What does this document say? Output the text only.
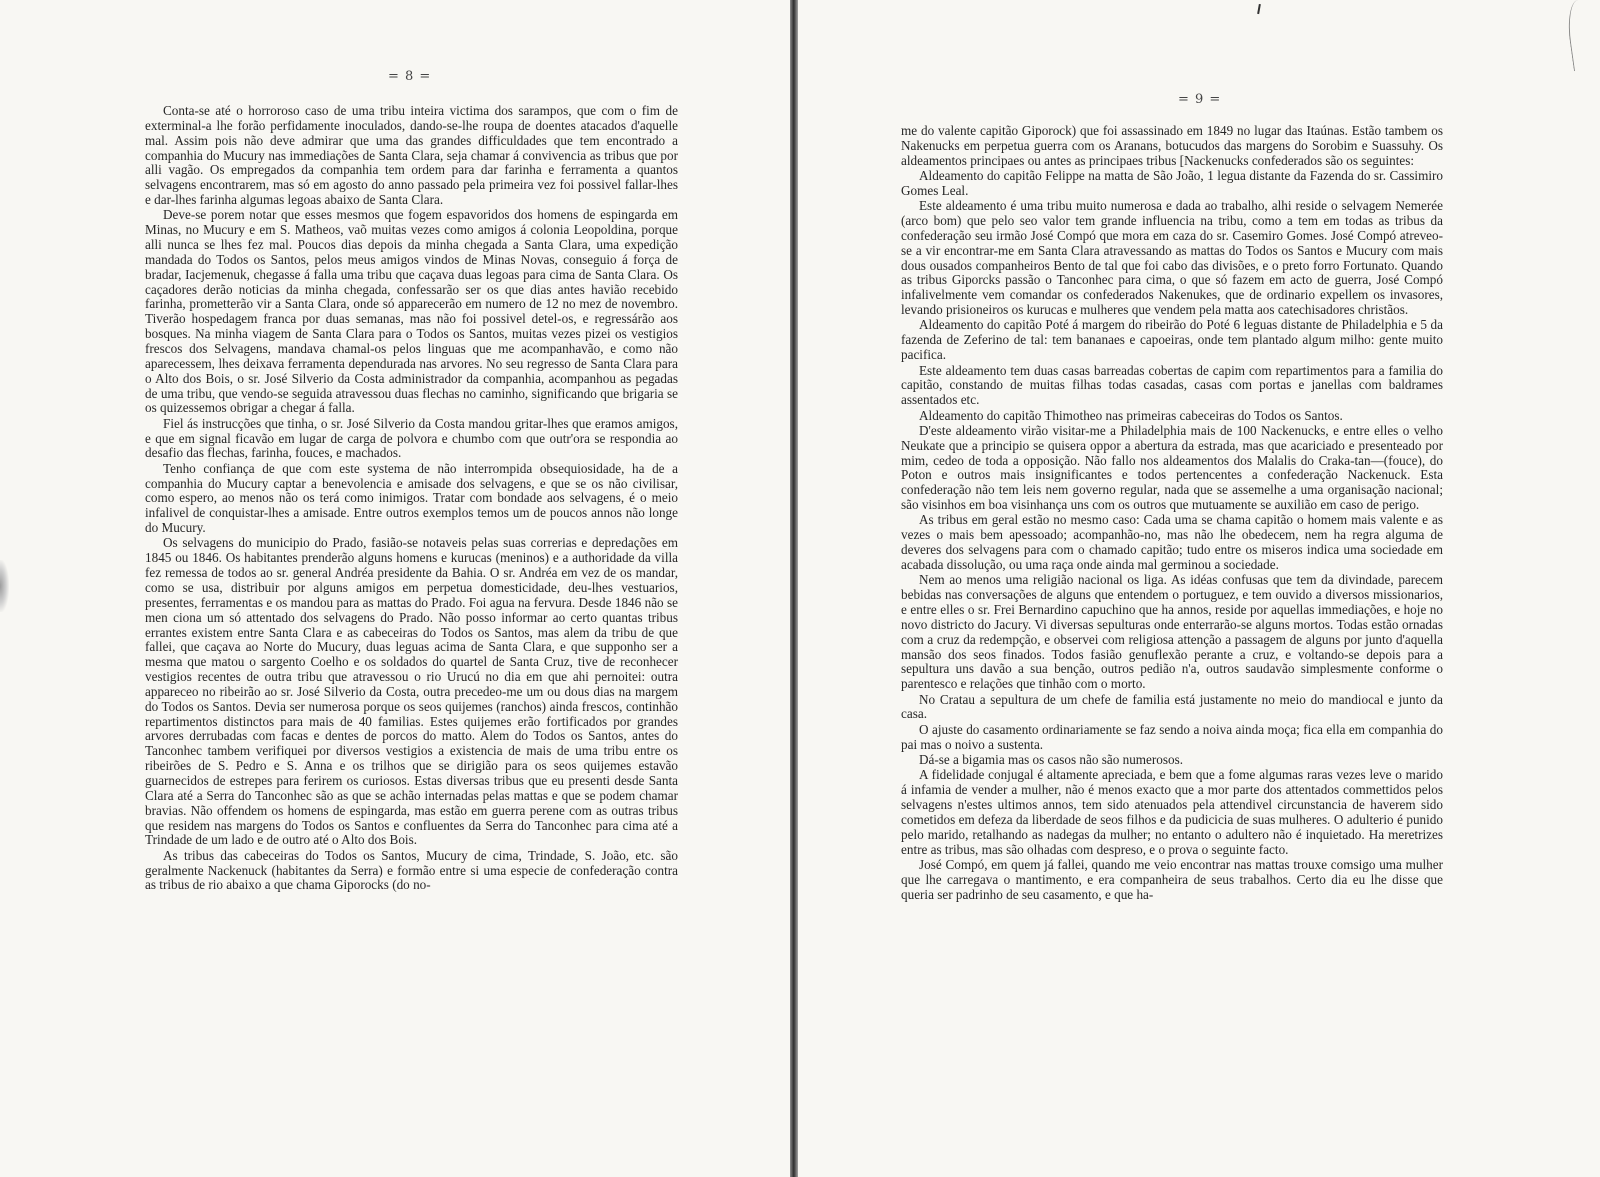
= 8 =

Conta-se até o horroroso caso de uma tribu inteira victima dos sarampos, que com o fim de exterminal-a lhe forão perfidamente inoculados, dando-se-lhe roupa de doentes atacados d'aquelle mal. Assim pois não deve admirar que uma das grandes difficuldades que tem encontrado a companhia do Mucury nas immediações de Santa Clara, seja chamar á convivencia as tribus que por alli vagão. Os empregados da companhia tem ordem para dar farinha e ferramenta a quantos selvagens encontrarem, mas só em agosto do anno passado pela primeira vez foi possivel fallar-lhes e dar-lhes farinha algumas legoas abaixo de Santa Clara.

Deve-se porem notar que esses mesmos que fogem espavoridos dos homens de espingarda em Minas, no Mucury e em S. Matheos, vaõ muitas vezes como amigos á colonia Leopoldina, porque alli nunca se lhes fez mal. Poucos dias depois da minha chegada a Santa Clara, uma expedição mandada do Todos os Santos, pelos meus amigos vindos de Minas Novas, conseguio á força de bradar, Iacjemenuk, chegasse á falla uma tribu que caçava duas legoas para cima de Santa Clara. Os caçadores derão noticias da minha chegada, confessarão ser os que dias antes havião recebido farinha, prometterão vir a Santa Clara, onde só apparecerão em numero de 12 no mez de novembro. Tiverão hospedagem franca por duas semanas, mas não foi possivel detel-os, e regressárão aos bosques. Na minha viagem de Santa Clara para o Todos os Santos, muitas vezes pizei os vestigios frescos dos Selvagens, mandava chamal-os pelos linguas que me acompanhavão, e como não aparecessem, lhes deixava ferramenta dependurada nas arvores. No seu regresso de Santa Clara para o Alto dos Bois, o sr. José Silverio da Costa administrador da companhia, acompanhou as pegadas de uma tribu, que vendo-se seguida atravessou duas flechas no caminho, significando que brigaria se os quizessemos obrigar a chegar á falla.

Fiel ás instrucções que tinha, o sr. José Silverio da Costa mandou gritar-lhes que eramos amigos, e que em signal ficavão em lugar de carga de polvora e chumbo com que outr'ora se respondia ao desafio das flechas, farinha, fouces, e machados.

Tenho confiança de que com este systema de não interrompida obsequiosidade, ha de a companhia do Mucury captar a benevolencia e amisade dos selvagens, e que se os não civilisar, como espero, ao menos não os terá como inimigos. Tratar com bondade aos selvagens, é o meio infalivel de conquistar-lhes a amisade. Entre outros exemplos temos um de poucos annos não longe do Mucury.

Os selvagens do municipio do Prado, fasião-se notaveis pelas suas correrias e depredações em 1845 ou 1846. Os habitantes prenderão alguns homens e kurucas (meninos) e a authoridade da villa fez remessa de todos ao sr. general Andréa presidente da Bahia. O sr. Andréa em vez de os mandar, como se usa, distribuir por alguns amigos em perpetua domesticidade, deu-lhes vestuarios, presentes, ferramentas e os mandou para as mattas do Prado. Foi agua na fervura. Desde 1846 não se men ciona um só attentado dos selvagens do Prado. Não posso informar ao certo quantas tribus errantes existem entre Santa Clara e as cabeceiras do Todos os Santos, mas alem da tribu de que fallei, que caçava ao Norte do Mucury, duas leguas acima de Santa Clara, e que supponho ser a mesma que matou o sargento Coelho e os soldados do quartel de Santa Cruz, tive de reconhecer vestigios recentes de outra tribu que atravessou o rio Urucú no dia em que ahi pernoitei: outra appareceo no ribeirão ao sr. José Silverio da Costa, outra precedeo-me um ou dous dias na margem do Todos os Santos. Devia ser numerosa porque os seos quijemes (ranchos) ainda frescos, continhão repartimentos distinctos para mais de 40 familias. Estes quijemes erão fortificados por grandes arvores derrubadas com facas e dentes de porcos do matto. Alem do Todos os Santos, antes do Tanconhec tambem verifiquei por diversos vestigios a existencia de mais de uma tribu entre os ribeirões de S. Pedro e S. Anna e os trilhos que se dirigião para os seos quijemes estavão guarnecidos de estrepes para ferirem os curiosos. Estas diversas tribus que eu presenti desde Santa Clara até a Serra do Tanconhec são as que se achão internadas pelas mattas e que se podem chamar bravias. Não offendem os homens de espingarda, mas estão em guerra perene com as outras tribus que residem nas margens do Todos os Santos e confluentes da Serra do Tanconhec para cima até a Trindade de um lado e de outro até o Alto dos Bois.

As tribus das cabeceiras do Todos os Santos, Mucury de cima, Trindade, S. João, etc. são geralmente Nackenuck (habitantes da Serra) e formão entre si uma especie de confederação contra as tribus de rio abaixo a que chama Giporocks (do no-

= 9 =

me do valente capitão Giporock) que foi assassinado em 1849 no lugar das Itaúnas. Estão tambem os Nakenucks em perpetua guerra com os Aranans, botucudos das margens do Sorobim e Suassuhy. Os aldeamentos principaes ou antes as principaes tribus [Nackenucks confederados são os seguintes:

Aldeamento do capitão Felippe na matta de São João, 1 legua distante da Fazenda do sr. Cassimiro Gomes Leal.

Este aldeamento é uma tribu muito numerosa e dada ao trabalho, alhi reside o selvagem Nemerée (arco bom) que pelo seo valor tem grande influencia na tribu, como a tem em todas as tribus da confederação seu irmão José Compó que mora em caza do sr. Casemiro Gomes. José Compó atreveo-se a vir encontrar-me em Santa Clara atravessando as mattas do Todos os Santos e Mucury com mais dous ousados companheiros Bento de tal que foi cabo das divisões, e o preto forro Fortunato. Quando as tribus Giporcks passão o Tanconhec para cima, o que só fazem em acto de guerra, José Compó infalivelmente vem comandar os confederados Nakenukes, que de ordinario expellem os invasores, levando prisioneiros os kurucas e mulheres que vendem pela matta aos catechisadores christãos.

Aldeamento do capitão Poté á margem do ribeirão do Poté 6 leguas distante de Philadelphia e 5 da fazenda de Zeferino de tal: tem bananaes e capoeiras, onde tem plantado algum milho: gente muito pacifica.

Este aldeamento tem duas casas barreadas cobertas de capim com repartimentos para a familia do capitão, constando de muitas filhas todas casadas, casas com portas e janellas com baldrames assentados etc.

Aldeamento do capitão Thimotheo nas primeiras cabeceiras do Todos os Santos.

D'este aldeamento virão visitar-me a Philadelphia mais de 100 Nackenucks, e entre elles o velho Neukate que a principio se quisera oppor a abertura da estrada, mas que acariciado e presenteado por mim, cedeo de toda a opposição. Não fallo nos aldeamentos dos Malalis do Craka-tan—(fouce), do Poton e outros mais insignificantes e todos pertencentes a confederação Nackenuck. Esta confederação não tem leis nem governo regular, nada que se assemelhe a uma organisação nacional; são visinhos em boa visinhança uns com os outros que mutuamente se auxilião em caso de perigo.

As tribus em geral estão no mesmo caso: Cada uma se chama capitão o homem mais valente e as vezes o mais bem apessoado; acompanhão-no, mas não lhe obedecem, nem ha regra alguma de deveres dos selvagens para com o chamado capitão; tudo entre os miseros indica uma sociedade em acabada dissolução, ou uma raça onde ainda mal germinou a sociedade.

Nem ao menos uma religião nacional os liga. As idéas confusas que tem da divindade, parecem bebidas nas conversações de alguns que entendem o portuguez, e tem ouvido a diversos missionarios, e entre elles o sr. Frei Bernardino capuchino que ha annos, reside por aquellas immediações, e hoje no novo districto do Jacury. Vi diversas sepulturas onde enterrarão-se alguns mortos. Todas estão ornadas com a cruz da redempção, e observei com religiosa attenção a passagem de alguns por junto d'aquella mansão dos seos finados. Todos fasião genuflexão perante a cruz, e voltando-se depois para a sepultura uns davão a sua benção, outros pedião n'a, outros saudavão simplesmente conforme o parentesco e relações que tinhão com o morto.

No Cratau a sepultura de um chefe de familia está justamente no meio do mandiocal e junto da casa.

O ajuste do casamento ordinariamente se faz sendo a noiva ainda moça; fica ella em companhia do pai mas o noivo a sustenta.

Dá-se a bigamia mas os casos não são numerosos.

A fidelidade conjugal é altamente apreciada, e bem que a fome algumas raras vezes leve o marido á infamia de vender a mulher, não é menos exacto que a mor parte dos attentados commettidos pelos selvagens n'estes ultimos annos, tem sido atenuados pela attendivel circunstancia de haverem sido cometidos em defeza da liberdade de seos filhos e da pudicicia de suas mulheres. O adulterio é punido pelo marido, retalhando as nadegas da mulher; no entanto o adultero não é inquietado. Ha meretrizes entre as tribus, mas são olhadas com despreso, e o prova o seguinte facto.

José Compó, em quem já fallei, quando me veio encontrar nas mattas trouxe comsigo uma mulher que lhe carregava o mantimento, e era companheira de seus trabalhos. Certo dia eu lhe disse que queria ser padrinho de seu casamento, e que ha-
